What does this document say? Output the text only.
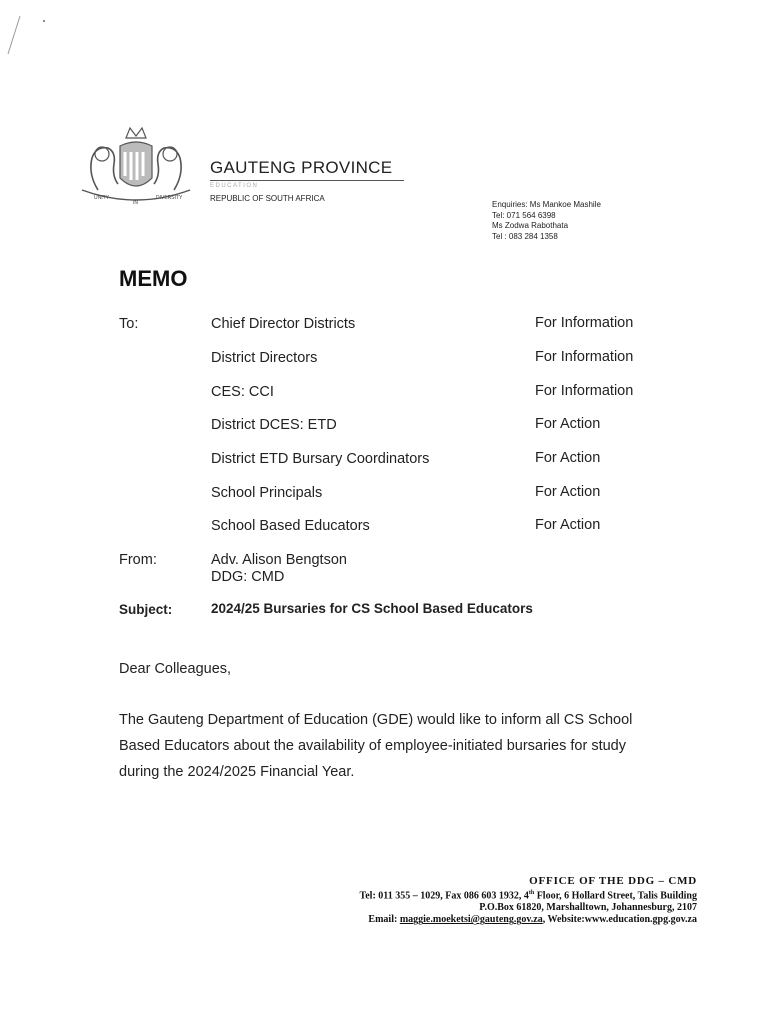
UNITY
IN
DIVERSITY
GAUTENG PROVINCE
EDUCATION
REPUBLIC OF SOUTH AFRICA
Enquiries: Ms Mankoe Mashile
Tel: 071 564 6398
Ms Zodwa Rabothata
Tel : 083 284 1358
MEMO
To:	Chief Director Districts	For Information
District Directors	For Information
CES: CCI	For Information
District DCES: ETD	For Action
District ETD Bursary Coordinators	For Action
School Principals	For Action
School Based Educators	For Action
From:	Adv. Alison Bengtson
DDG: CMD
Subject:	2024/25 Bursaries for CS School Based Educators
Dear Colleagues,
The Gauteng Department of Education (GDE) would like to inform all CS School
Based Educators about the availability of employee-initiated bursaries for study
during the 2024/2025 Financial Year.
OFFICE OF THE DDG – CMD
Tel: 011 355 – 1029, Fax 086 603 1932, 4th Floor, 6 Hollard Street, Talis Building
P.O.Box 61820, Marshalltown, Johannesburg, 2107
Email: maggie.moeketsi@gauteng.gov.za, Website:www.education.gpg.gov.za
